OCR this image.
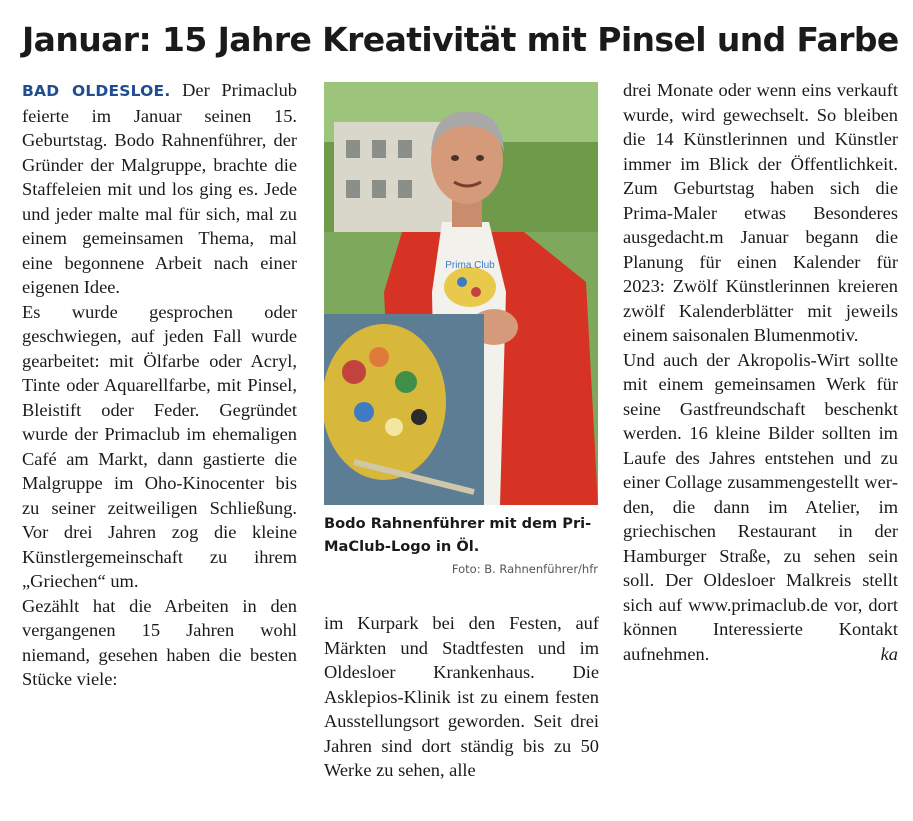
Januar: 15 Jahre Kreativität mit Pinsel und Farbe

BAD OLDESLOE. Der Primaclub feierte im Januar seinen 15. Geburtstag. Bodo Rahnenführer, der Gründer der Malgruppe, brachte die Staffeleien mit und los ging es. Jede und jeder malte mal für sich, mal zu einem gemeinsamen Thema, mal eine begonnene Arbeit nach einer eigenen Idee.

Es wurde gesprochen oder geschwiegen, auf jeden Fall wurde gearbeitet: mit Ölfarbe oder Acryl, Tinte oder Aquarellfarbe, mit Pinsel, Bleistift oder Feder. Gegründet wurde der Primaclub im ehemaligen Café am Markt, dann gastierte die Malgruppe im Oho-Kinocenter bis zu seiner zeitweiligen Schließung. Vor drei Jahren zog die kleine Künstlergemeinschaft zu ihrem „Griechen“ um.

Gezählt hat die Arbeiten in den vergangenen 15 Jahren wohl niemand, gesehen haben die besten Stücke viele:

Prima Club
Bodo Rahnenführer mit dem PriMaClub-Logo in Öl.
Foto: B. Rahnenführer/hfr

im Kurpark bei den Festen, auf Märkten und Stadtfesten und im Oldesloer Krankenhaus. Die Asklepios-Klinik ist zu einem festen Ausstellungsort geworden. Seit drei Jahren sind dort ständig bis zu 50 Werke zu sehen, alle

drei Monate oder wenn eins verkauft wurde, wird gewechselt. So bleiben die 14 Künstlerinnen und Künstler immer im Blick der Öffentlichkeit. Zum Geburtstag haben sich die Prima-Maler etwas Besonderes ausgedacht.m Januar begann die Planung für einen Kalender für 2023: Zwölf Künstlerinnen kreieren zwölf Kalenderblätter mit jeweils einem saisonalen Blumenmotiv.

Und auch der Akropolis-Wirt sollte mit einem gemeinsamen Werk für seine Gastfreundschaft beschenkt werden. 16 kleine Bilder sollten im Laufe des Jahres entstehen und zu einer Collage zusammengestellt werden, die dann im Atelier, im griechischen Restaurant in der Hamburger Straße, zu sehen sein soll. Der Oldesloer Malkreis stellt sich auf www.primaclub.de vor, dort können Interessierte Kontakt aufnehmen.	ka
